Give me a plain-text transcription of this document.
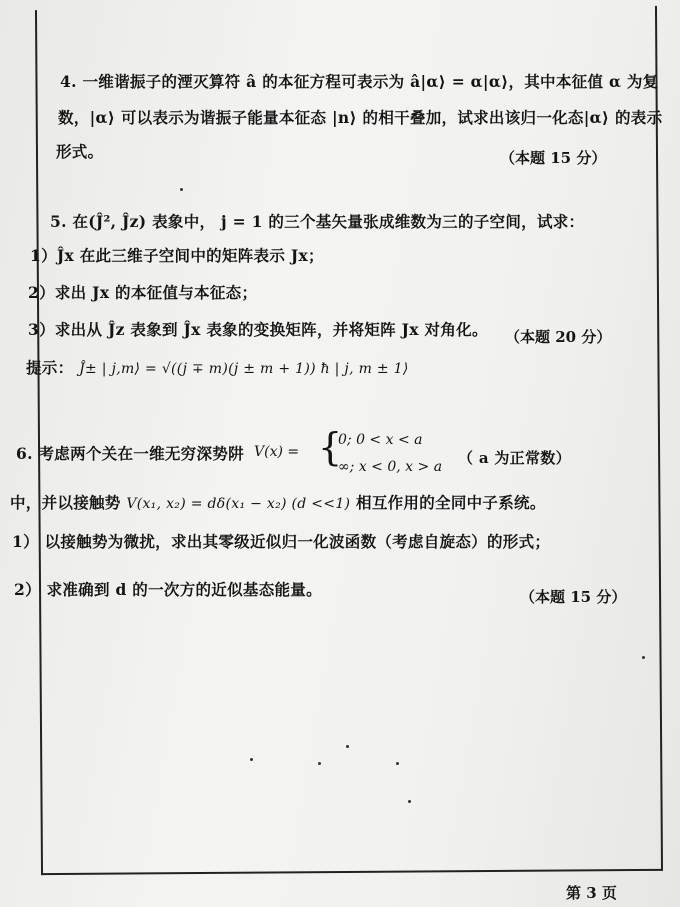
4. 一维谐振子的湮灭算符 â 的本征方程可表示为 â|α⟩ = α|α⟩，其中本征值 α 为复
数，|α⟩ 可以表示为谐振子能量本征态 |n⟩ 的相干叠加，试求出该归一化态|α⟩ 的表示
形式。	（本题 15 分）
5. 在(Ĵ², Ĵz) 表象中， j = 1 的三个基矢量张成维数为三的子空间，试求：
1）Ĵx 在此三维子空间中的矩阵表示 Jx；
2）求出 Jx 的本征值与本征态；
3）求出从 Ĵz 表象到 Ĵx 表象的变换矩阵，并将矩阵 Jx 对角化。 （本题 20 分）
提示： Ĵ± | j,m⟩ = √((j ∓ m)(j ± m + 1)) ħ | j, m ± 1⟩
6. 考虑两个关在一维无穷深势阱 V(x) = {
0; 0 < x < a
∞; x < 0, x > a （ a 为正常数）
中，并以接触势 V(x₁, x₂) = dδ(x₁ − x₂) (d <<1) 相互作用的全同中子系统。
1） 以接触势为微扰，求出其零级近似归一化波函数（考虑自旋态）的形式；
2） 求准确到 d 的一次方的近似基态能量。	（本题 15 分）
第 3 页
